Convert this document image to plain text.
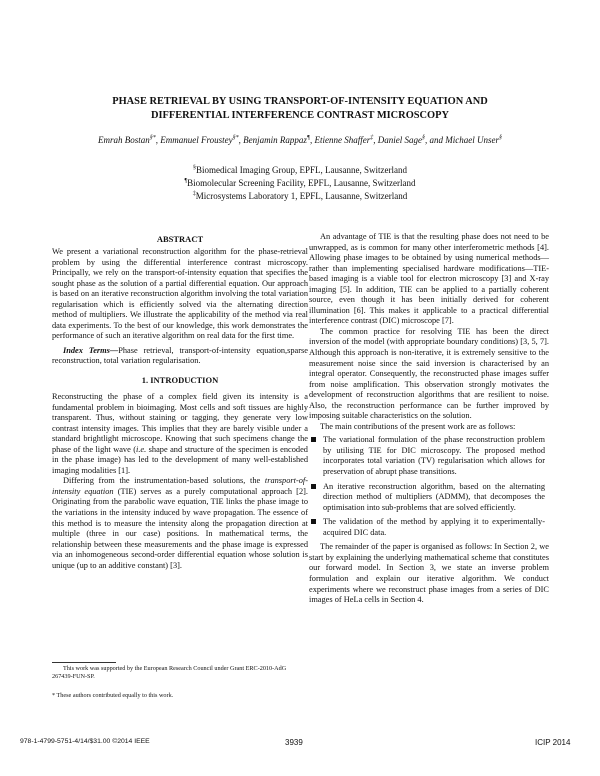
PHASE RETRIEVAL BY USING TRANSPORT-OF-INTENSITY EQUATION AND
DIFFERENTIAL INTERFERENCE CONTRAST MICROSCOPY

Emrah Bostan§*, Emmanuel Froustey§*, Benjamin Rappaz¶, Etienne Shaffer‡, Daniel Sage§, and Michael Unser§

§Biomedical Imaging Group, EPFL, Lausanne, Switzerland
¶Biomolecular Screening Facility, EPFL, Lausanne, Switzerland
‡Microsystems Laboratory 1, EPFL, Lausanne, Switzerland
ABSTRACT

We present a variational reconstruction algorithm for the phase-retrieval problem by using the differential interference contrast microscopy. Principally, we rely on the transport-of-intensity equation that specifies the sought phase as the solution of a partial differential equation. Our approach is based on an iterative reconstruction algorithm involving the total variation regularisation which is efficiently solved via the alternating direction method of multipliers. We illustrate the applicability of the method via real data experiments. To the best of our knowledge, this work demonstrates the performance of such an iterative algorithm on real data for the first time.

Index Terms—Phase retrieval, transport-of-intensity equation,sparse reconstruction, total variation regularisation.

1. INTRODUCTION

Reconstructing the phase of a complex field given its intensity is a fundamental problem in bioimaging. Most cells and soft tissues are highly transparent. Thus, without staining or tagging, they generate very low contrast intensity images. This implies that they are barely visible under a standard brightlight microscope. Knowing that such specimens change the phase of the light wave (i.e. shape and structure of the specimen is encoded in the phase image) has led to the development of many well-established imaging modalities [1].

Differing from the instrumentation-based solutions, the transport-of-intensity equation (TIE) serves as a purely computational approach [2]. Originating from the parabolic wave equation, TIE links the phase image to the variations in the intensity induced by wave propagation. The essence of this method is to measure the intensity along the propagation direction at multiple (three in our case) positions. In mathematical terms, the relationship between these measurements and the phase image is expressed via an inhomogeneous second-order differential equation whose solution is unique (up to an additive constant) [3].

This work was supported by the European Research Council under Grant ERC-2010-AdG 267439-FUN-SP.

* These authors contributed equally to this work.

An advantage of TIE is that the resulting phase does not need to be unwrapped, as is common for many other interferometric methods [4]. Allowing phase images to be obtained by using numerical methods—rather than implementing specialised hardware modifications—TIE-based imaging is a viable tool for electron microscopy [3] and X-ray imaging [5]. In addition, TIE can be applied to a partially coherent source, even though it has been initially derived for coherent illumination [6]. This makes it applicable to a practical differential interference contrast (DIC) microscope [7].

The common practice for resolving TIE has been the direct inversion of the model (with appropriate boundary conditions) [3, 5, 7]. Although this approach is non-iterative, it is extremely sensitive to the measurement noise since the said inversion is characterised by an integral operator. Consequently, the reconstructed phase images suffer from noise amplification. This observation strongly motivates the development of reconstruction algorithms that are resilient to noise. Also, the reconstruction performance can be further improved by imposing suitable characteristics on the solution.

The main contributions of the present work are as follows:

The variational formulation of the phase reconstruction problem by utilising TIE for DIC microscopy. The proposed method incorporates total variation (TV) regularisation which allows for preservation of abrupt phase transitions.
An iterative reconstruction algorithm, based on the alternating direction method of multipliers (ADMM), that decomposes the optimisation into sub-problems that are solved efficiently.
The validation of the method by applying it to experimentally-acquired DIC data.

The remainder of the paper is organised as follows: In Section 2, we start by explaining the underlying mathematical scheme that constitutes our forward model. In Section 3, we state an inverse problem formulation and explain our iterative algorithm. We conduct experiments where we reconstruct phase images from a series of DIC images of HeLa cells in Section 4.

978-1-4799-5751-4/14/$31.00 ©2014 IEEE	3939	ICIP 2014
